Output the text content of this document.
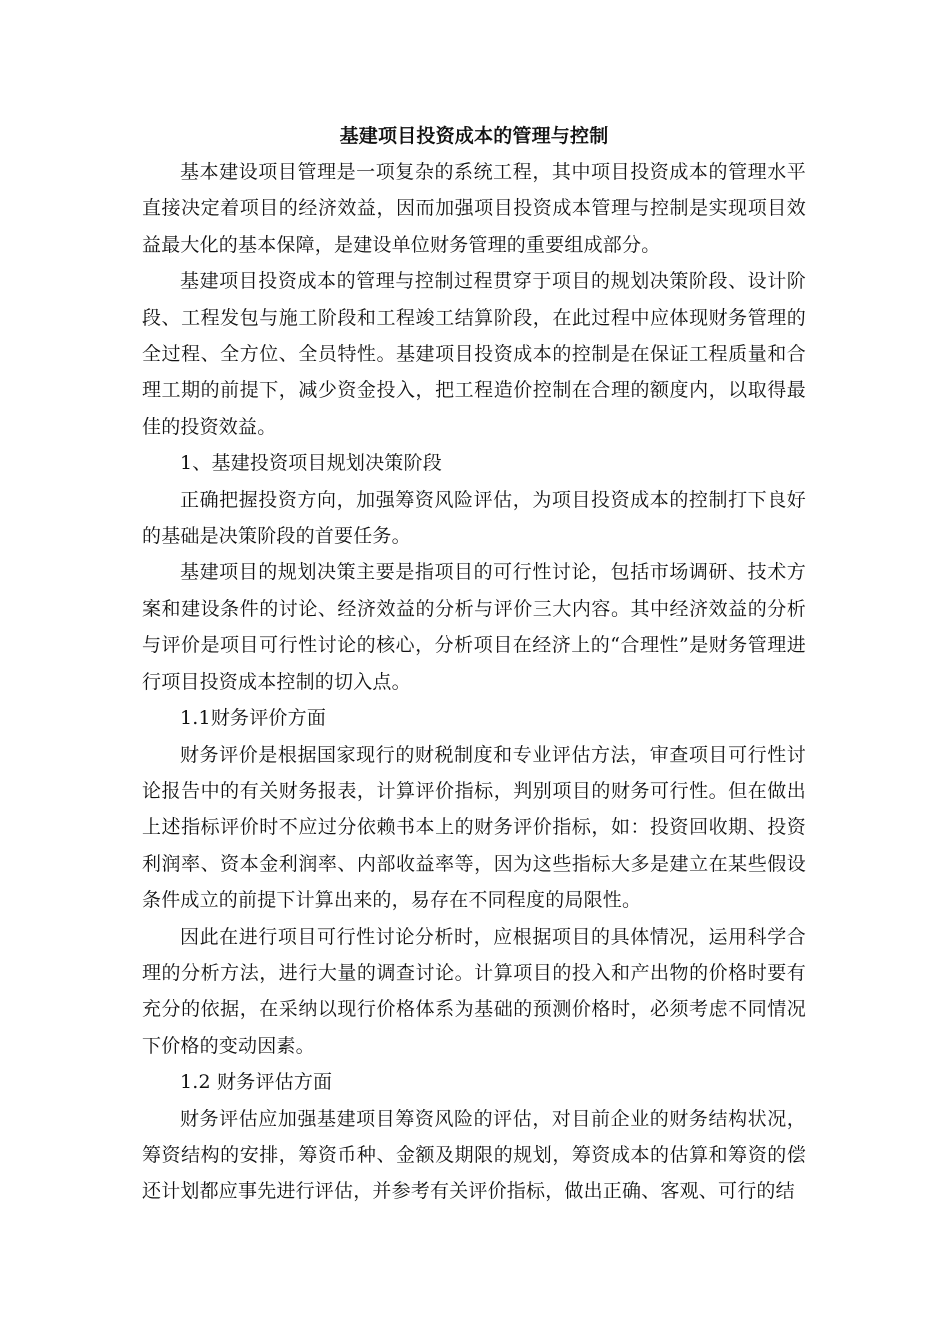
基建项目投资成本的管理与控制

基本建设项目管理是一项复杂的系统工程，其中项目投资成本的管理水平直接决定着项目的经济效益，因而加强项目投资成本管理与控制是实现项目效益最大化的基本保障，是建设单位财务管理的重要组成部分。

基建项目投资成本的管理与控制过程贯穿于项目的规划决策阶段、设计阶段、工程发包与施工阶段和工程竣工结算阶段，在此过程中应体现财务管理的全过程、全方位、全员特性。基建项目投资成本的控制是在保证工程质量和合理工期的前提下，减少资金投入，把工程造价控制在合理的额度内，以取得最佳的投资效益。

1、基建投资项目规划决策阶段

正确把握投资方向，加强筹资风险评估，为项目投资成本的控制打下良好的基础是决策阶段的首要任务。

基建项目的规划决策主要是指项目的可行性讨论，包括市场调研、技术方案和建设条件的讨论、经济效益的分析与评价三大内容。其中经济效益的分析与评价是项目可行性讨论的核心，分析项目在经济上的“合理性”是财务管理进行项目投资成本控制的切入点。

1.1财务评价方面

财务评价是根据国家现行的财税制度和专业评估方法，审查项目可行性讨论报告中的有关财务报表，计算评价指标，判别项目的财务可行性。但在做出上述指标评价时不应过分依赖书本上的财务评价指标，如：投资回收期、投资利润率、资本金利润率、内部收益率等，因为这些指标大多是建立在某些假设条件成立的前提下计算出来的，易存在不同程度的局限性。

因此在进行项目可行性讨论分析时，应根据项目的具体情况，运用科学合理的分析方法，进行大量的调查讨论。计算项目的投入和产出物的价格时要有充分的依据，在采纳以现行价格体系为基础的预测价格时，必须考虑不同情况下价格的变动因素。

1.2 财务评估方面

财务评估应加强基建项目筹资风险的评估，对目前企业的财务结构状况，筹资结构的安排，筹资币种、金额及期限的规划，筹资成本的估算和筹资的偿还计划都应事先进行评估，并参考有关评价指标，做出正确、客观、可行的结
